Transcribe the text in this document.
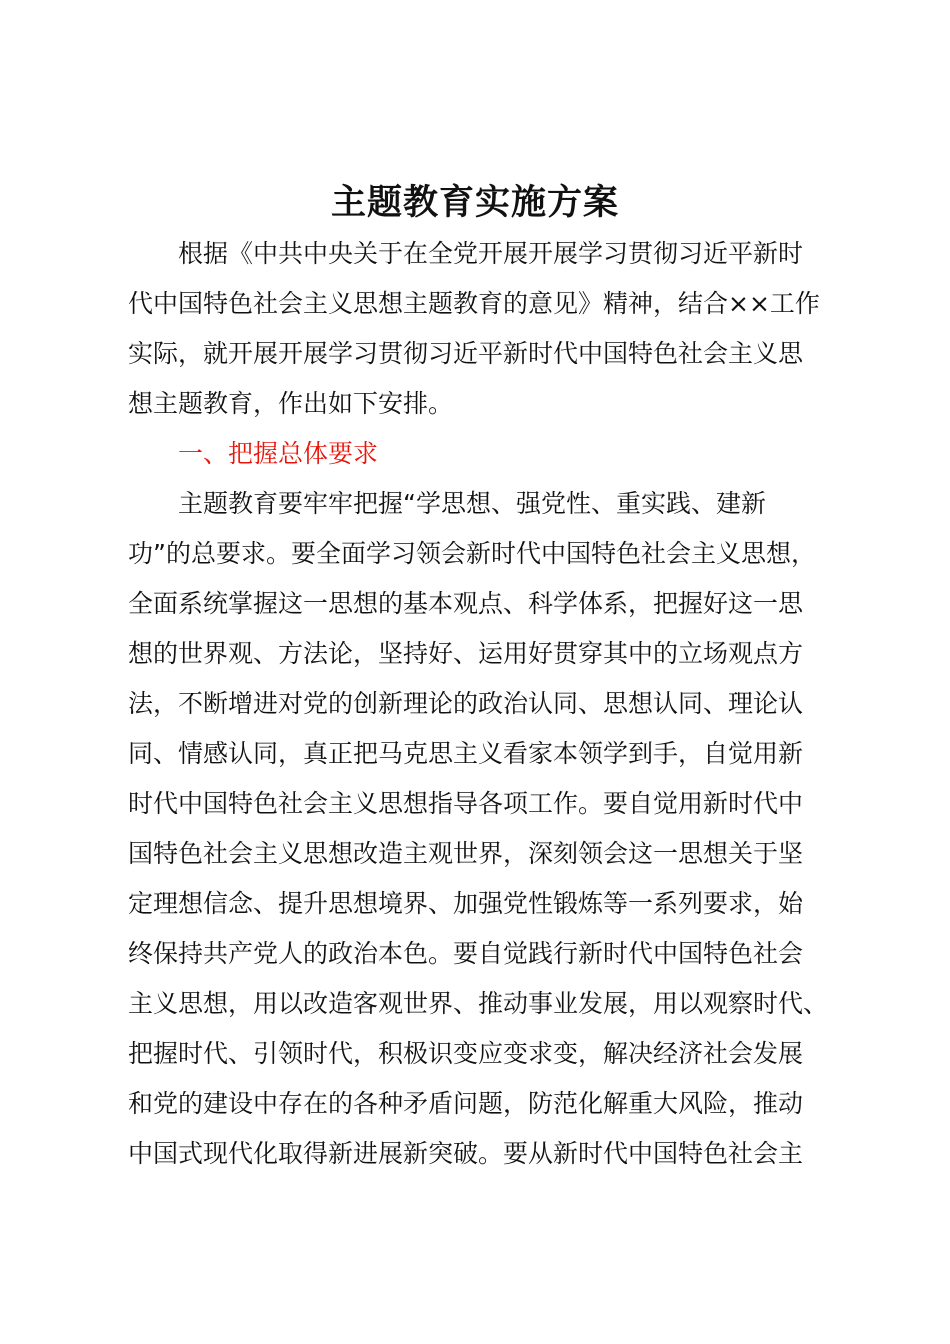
主题教育实施方案
根据《中共中央关于在全党开展开展学习贯彻习近平新时
代中国特色社会主义思想主题教育的意见》精神，结合××工作
实际，就开展开展学习贯彻习近平新时代中国特色社会主义思
想主题教育，作出如下安排。
一、把握总体要求
主题教育要牢牢把握“学思想、强党性、重实践、建新
功”的总要求。要全面学习领会新时代中国特色社会主义思想，
全面系统掌握这一思想的基本观点、科学体系，把握好这一思
想的世界观、方法论，坚持好、运用好贯穿其中的立场观点方
法，不断增进对党的创新理论的政治认同、思想认同、理论认
同、情感认同，真正把马克思主义看家本领学到手，自觉用新
时代中国特色社会主义思想指导各项工作。要自觉用新时代中
国特色社会主义思想改造主观世界，深刻领会这一思想关于坚
定理想信念、提升思想境界、加强党性锻炼等一系列要求，始
终保持共产党人的政治本色。要自觉践行新时代中国特色社会
主义思想，用以改造客观世界、推动事业发展，用以观察时代、
把握时代、引领时代，积极识变应变求变，解决经济社会发展
和党的建设中存在的各种矛盾问题，防范化解重大风险，推动
中国式现代化取得新进展新突破。要从新时代中国特色社会主
